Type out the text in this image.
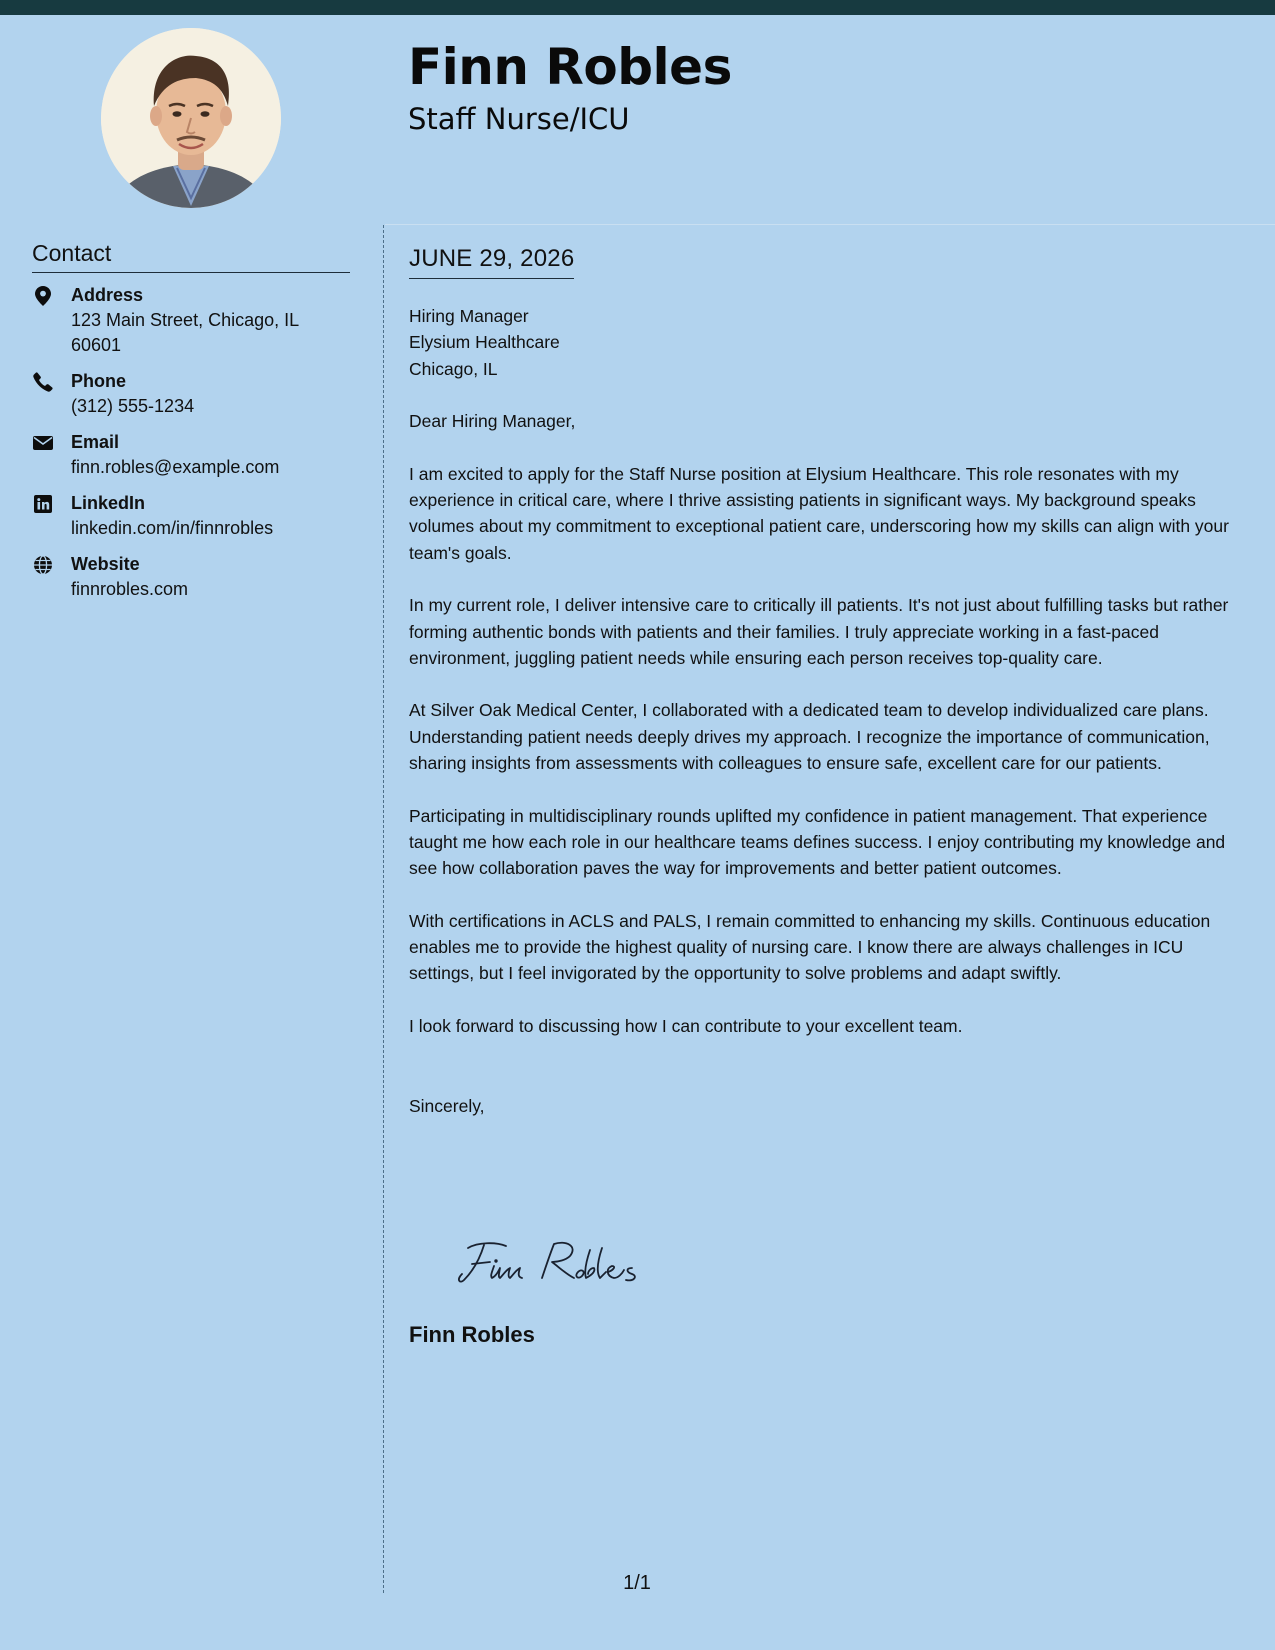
Finn Robles
Staff Nurse/ICU
Contact
Address
123 Main Street, Chicago, IL 60601
Phone
(312) 555-1234
Email
finn.robles@example.com
LinkedIn
linkedin.com/in/finnrobles
Website
finnrobles.com
JUNE 29, 2026
Hiring Manager
Elysium Healthcare
Chicago, IL

Dear Hiring Manager,

I am excited to apply for the Staff Nurse position at Elysium Healthcare. This role resonates with my experience in critical care, where I thrive assisting patients in significant ways. My background speaks volumes about my commitment to exceptional patient care, underscoring how my skills can align with your team's goals.

In my current role, I deliver intensive care to critically ill patients. It's not just about fulfilling tasks but rather forming authentic bonds with patients and their families. I truly appreciate working in a fast-paced environment, juggling patient needs while ensuring each person receives top-quality care.

At Silver Oak Medical Center, I collaborated with a dedicated team to develop individualized care plans. Understanding patient needs deeply drives my approach. I recognize the importance of communication, sharing insights from assessments with colleagues to ensure safe, excellent care for our patients.

Participating in multidisciplinary rounds uplifted my confidence in patient management. That experience taught me how each role in our healthcare teams defines success. I enjoy contributing my knowledge and see how collaboration paves the way for improvements and better patient outcomes.

With certifications in ACLS and PALS, I remain committed to enhancing my skills. Continuous education enables me to provide the highest quality of nursing care. I know there are always challenges in ICU settings, but I feel invigorated by the opportunity to solve problems and adapt swiftly.

I look forward to discussing how I can contribute to your excellent team.

Sincerely,

Finn Robles
1/1
